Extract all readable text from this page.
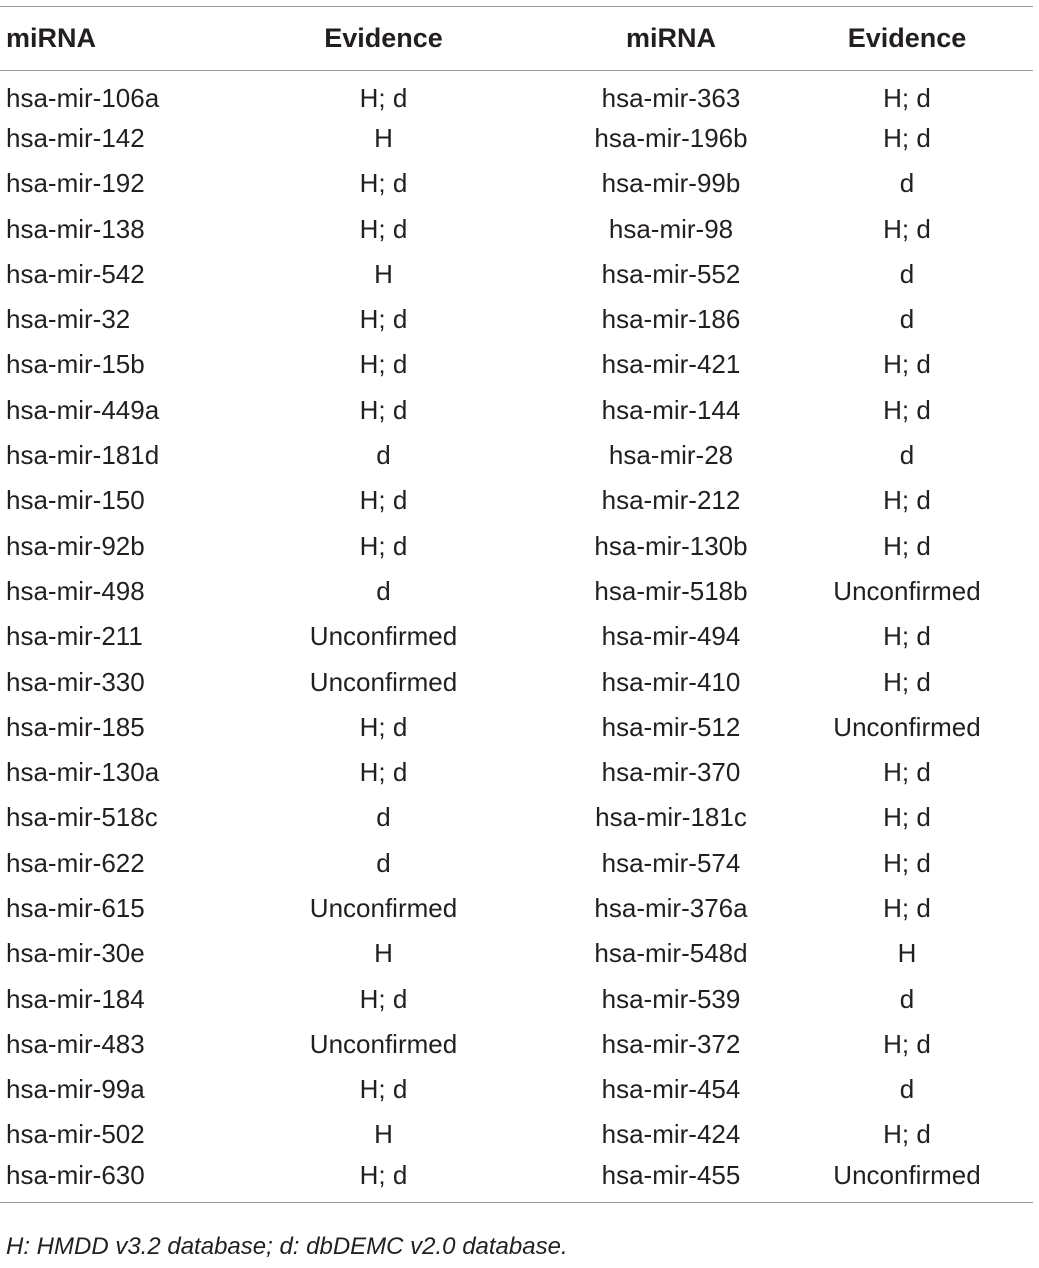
miRNA	Evidence	miRNA	Evidence
hsa-mir-106a	H; d	hsa-mir-363	H; d
hsa-mir-142	H	hsa-mir-196b	H; d
hsa-mir-192	H; d	hsa-mir-99b	d
hsa-mir-138	H; d	hsa-mir-98	H; d
hsa-mir-542	H	hsa-mir-552	d
hsa-mir-32	H; d	hsa-mir-186	d
hsa-mir-15b	H; d	hsa-mir-421	H; d
hsa-mir-449a	H; d	hsa-mir-144	H; d
hsa-mir-181d	d	hsa-mir-28	d
hsa-mir-150	H; d	hsa-mir-212	H; d
hsa-mir-92b	H; d	hsa-mir-130b	H; d
hsa-mir-498	d	hsa-mir-518b	Unconfirmed
hsa-mir-211	Unconfirmed	hsa-mir-494	H; d
hsa-mir-330	Unconfirmed	hsa-mir-410	H; d
hsa-mir-185	H; d	hsa-mir-512	Unconfirmed
hsa-mir-130a	H; d	hsa-mir-370	H; d
hsa-mir-518c	d	hsa-mir-181c	H; d
hsa-mir-622	d	hsa-mir-574	H; d
hsa-mir-615	Unconfirmed	hsa-mir-376a	H; d
hsa-mir-30e	H	hsa-mir-548d	H
hsa-mir-184	H; d	hsa-mir-539	d
hsa-mir-483	Unconfirmed	hsa-mir-372	H; d
hsa-mir-99a	H; d	hsa-mir-454	d
hsa-mir-502	H	hsa-mir-424	H; d
hsa-mir-630	H; d	hsa-mir-455	Unconfirmed
H: HMDD v3.2 database; d: dbDEMC v2.0 database.
